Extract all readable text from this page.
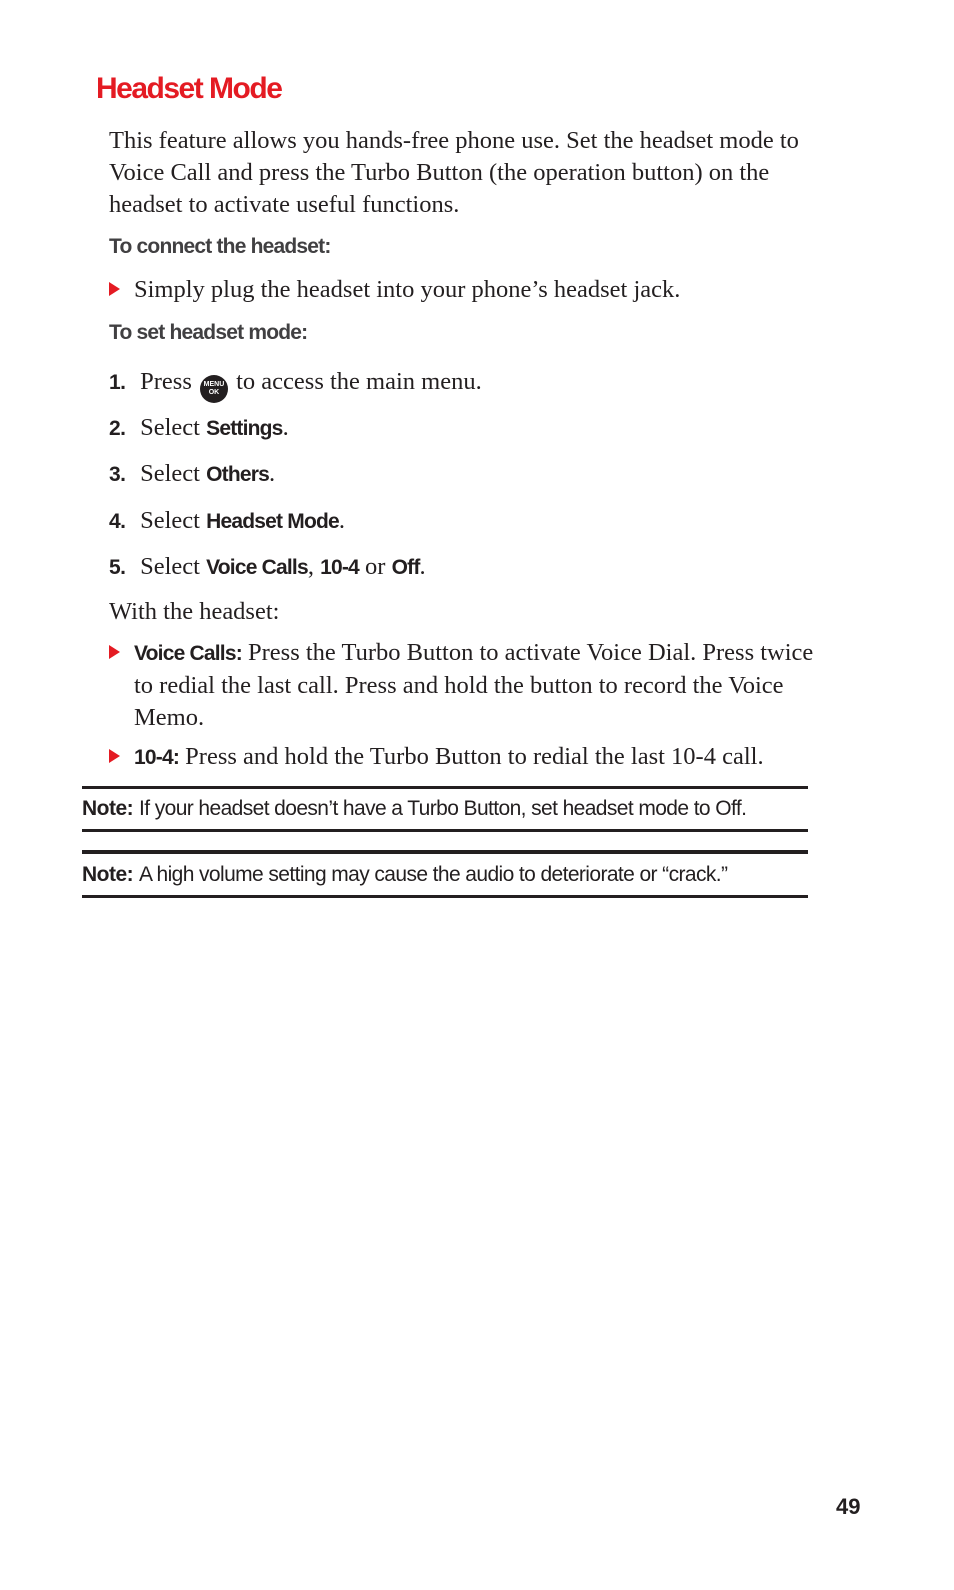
Headset Mode

This feature allows you hands-free phone use. Set the headset mode to Voice Call and press the Turbo Button (the operation button) on the headset to activate useful functions.

To connect the headset:

Simply plug the headset into your phone’s headset jack.

To set headset mode:

1. Press MENU
OK to access the main menu.
2. Select Settings.
3. Select Others.
4. Select Headset Mode.
5. Select Voice Calls, 10-4 or Off.

With the headset:

Voice Calls: Press the Turbo Button to activate Voice Dial. Press twice to redial the last call. Press and hold the button to record the Voice Memo.
10-4: Press and hold the Turbo Button to redial the last 10-4 call.
Note: If your headset doesn’t have a Turbo Button, set headset mode to Off.
Note: A high volume setting may cause the audio to deteriorate or “crack.”
49
